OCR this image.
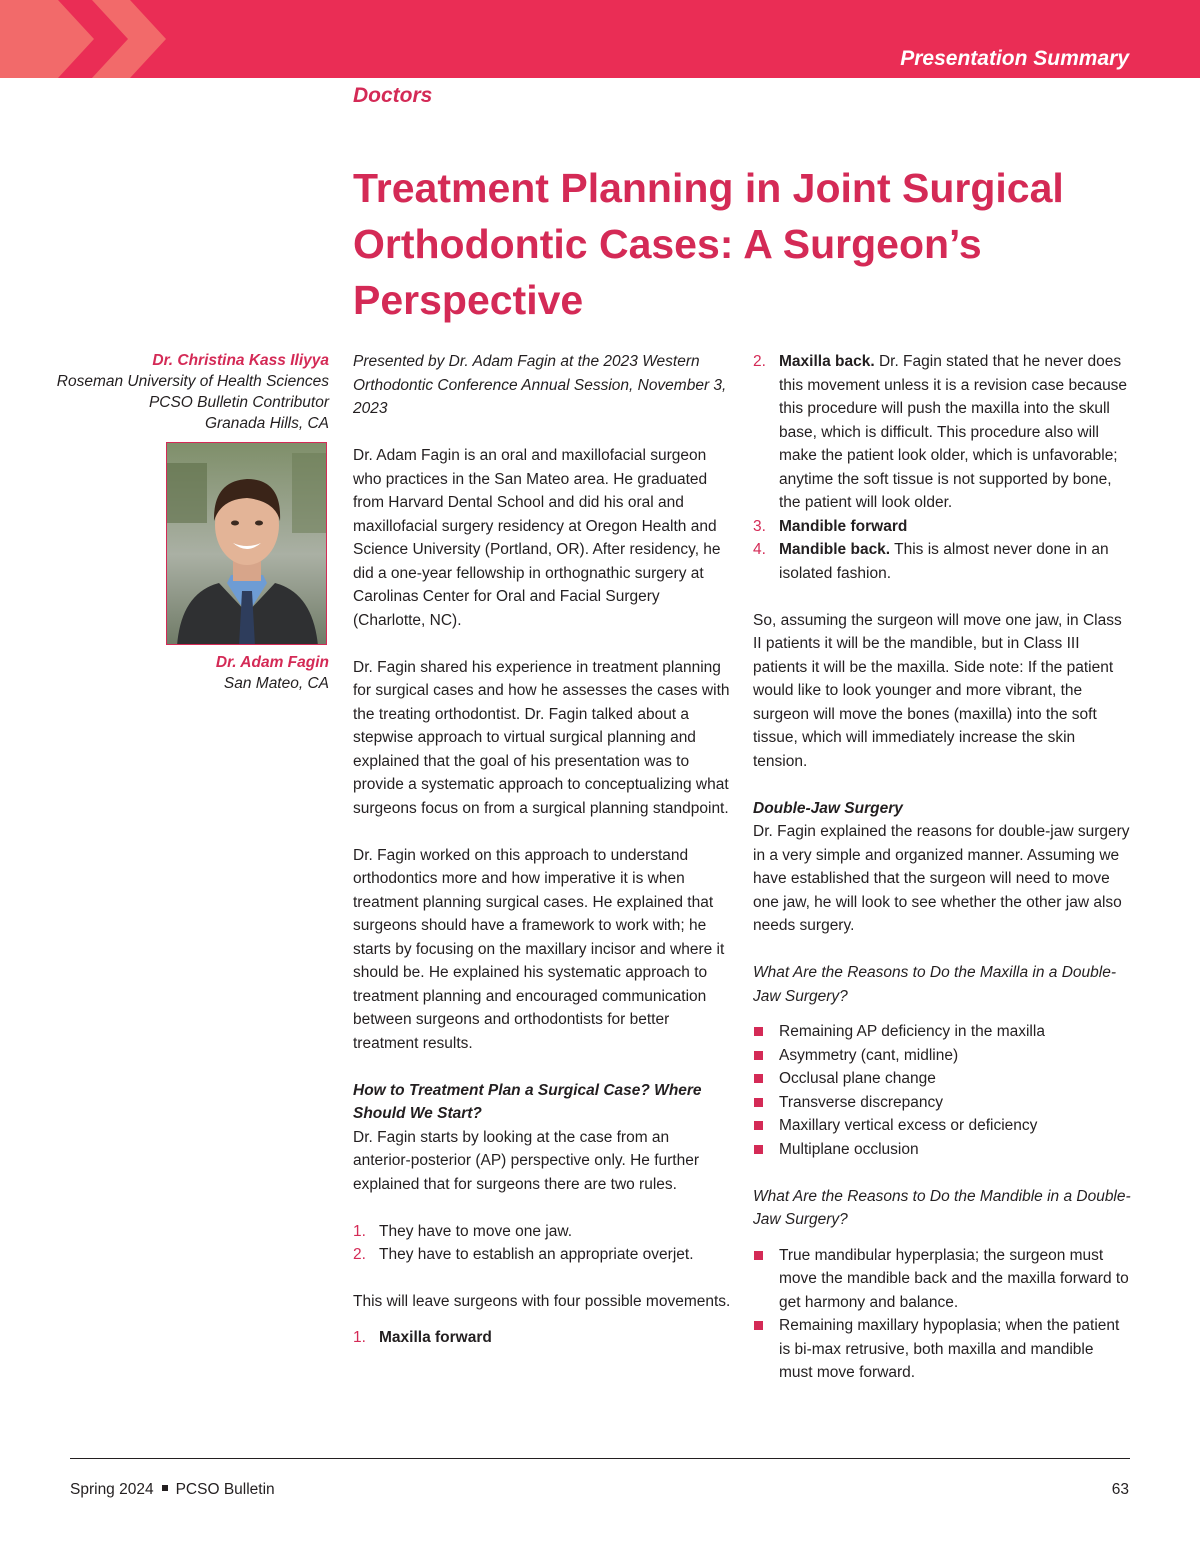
Presentation Summary
Doctors
Treatment Planning in Joint Surgical Orthodontic Cases: A Surgeon’s Perspective
Dr. Christina Kass Iliyya
Roseman University of Health Sciences
PCSO Bulletin Contributor
Granada Hills, CA
Dr. Adam Fagin
San Mateo, CA

Presented by Dr. Adam Fagin at the 2023 Western Orthodontic Conference Annual Session, November 3, 2023

Dr. Adam Fagin is an oral and maxillofacial surgeon who practices in the San Mateo area. He graduated from Harvard Dental School and did his oral and maxillofacial surgery residency at Oregon Health and Science University (Portland, OR). After residency, he did a one-year fellowship in orthognathic surgery at Carolinas Center for Oral and Facial Surgery (Charlotte, NC).

Dr. Fagin shared his experience in treatment planning for surgical cases and how he assesses the cases with the treating orthodontist. Dr. Fagin talked about a stepwise approach to virtual surgical planning and explained that the goal of his presentation was to provide a systematic approach to conceptualizing what surgeons focus on from a surgical planning standpoint.

Dr. Fagin worked on this approach to understand orthodontics more and how imperative it is when treatment planning surgical cases. He explained that surgeons should have a framework to work with; he starts by focusing on the maxillary incisor and where it should be. He explained his systematic approach to treatment planning and encouraged communication between surgeons and orthodontists for better treatment results.

How to Treatment Plan a Surgical Case? Where Should We Start?
Dr. Fagin starts by looking at the case from an anterior-posterior (AP) perspective only. He further explained that for surgeons there are two rules.

1. They have to move one jaw.
2. They have to establish an appropriate overjet.

This will leave surgeons with four possible movements.

1. Maxilla forward
2. Maxilla back. Dr. Fagin stated that he never does this movement unless it is a revision case because this procedure will push the maxilla into the skull base, which is difficult. This procedure also will make the patient look older, which is unfavorable; anytime the soft tissue is not supported by bone, the patient will look older.
3. Mandible forward
4. Mandible back. This is almost never done in an isolated fashion.

So, assuming the surgeon will move one jaw, in Class II patients it will be the mandible, but in Class III patients it will be the maxilla. Side note: If the patient would like to look younger and more vibrant, the surgeon will move the bones (maxilla) into the soft tissue, which will immediately increase the skin tension.

Double-Jaw Surgery
Dr. Fagin explained the reasons for double-jaw surgery in a very simple and organized manner. Assuming we have established that the surgeon will need to move one jaw, he will look to see whether the other jaw also needs surgery.

What Are the Reasons to Do the Maxilla in a Double-Jaw Surgery?

Remaining AP deficiency in the maxilla
Asymmetry (cant, midline)
Occlusal plane change
Transverse discrepancy
Maxillary vertical excess or deficiency
Multiplane occlusion

What Are the Reasons to Do the Mandible in a Double-Jaw Surgery?

True mandibular hyperplasia; the surgeon must move the mandible back and the maxilla forward to get harmony and balance.
Remaining maxillary hypoplasia; when the patient is bi-max retrusive, both maxilla and mandible must move forward.
Spring 2024 PCSO Bulletin	63
